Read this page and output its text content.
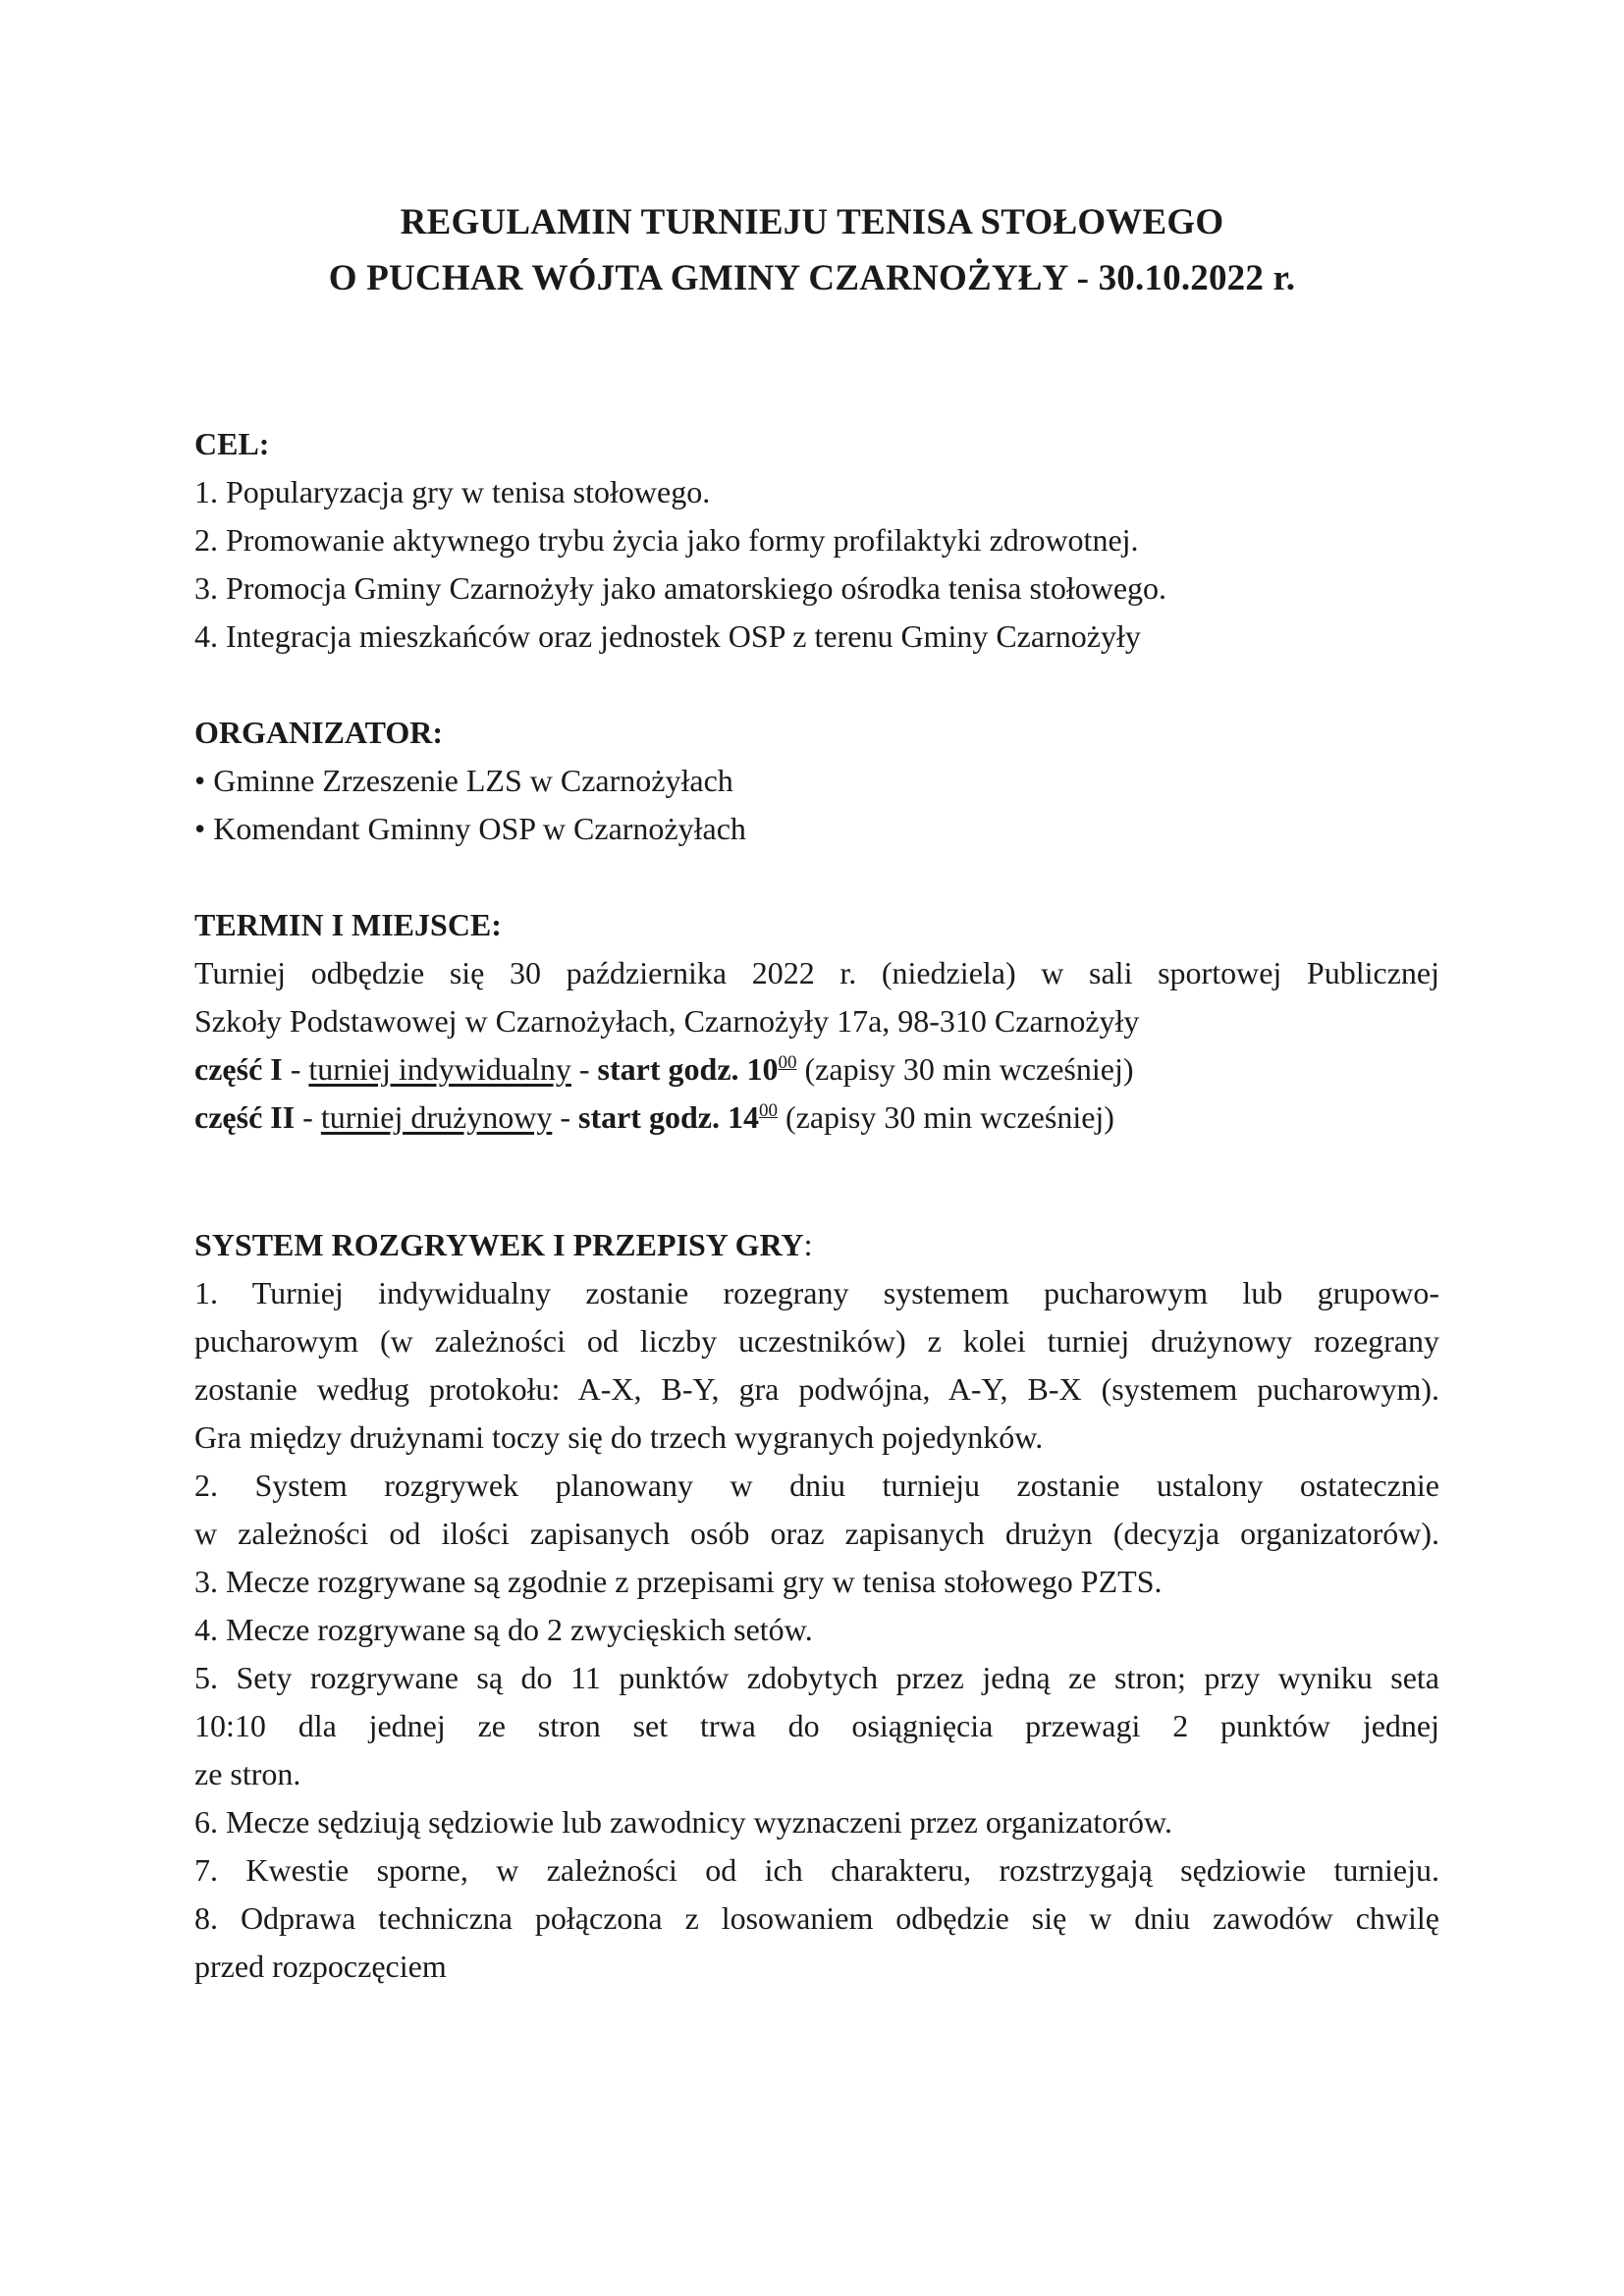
REGULAMIN TURNIEJU TENISA STOŁOWEGO
O PUCHAR WÓJTA GMINY CZARNOŻYŁY - 30.10.2022 r.
CEL:
1. Popularyzacja gry w tenisa stołowego.
2. Promowanie aktywnego trybu życia jako formy profilaktyki zdrowotnej.
3. Promocja Gminy Czarnożyły jako amatorskiego ośrodka tenisa stołowego.
4. Integracja mieszkańców oraz jednostek OSP z terenu Gminy Czarnożyły
ORGANIZATOR:
• Gminne Zrzeszenie LZS w Czarnożyłach
• Komendant Gminny OSP w Czarnożyłach
TERMIN I MIEJSCE:
Turniej odbędzie się 30 października 2022 r. (niedziela) w sali sportowej Publicznej
Szkoły Podstawowej w Czarnożyłach, Czarnożyły 17a, 98-310 Czarnożyły
część I - turniej indywidualny - start godz. $10^{00}$ (zapisy 30 min wcześniej)
część II - turniej drużynowy - start godz. $14^{00}$ (zapisy 30 min wcześniej)
SYSTEM ROZGRYWEK I PRZEPISY GRY:
1. Turniej indywidualny zostanie rozegrany systemem pucharowym lub grupowo-
pucharowym (w zależności od liczby uczestników) z kolei turniej drużynowy rozegrany
zostanie według protokołu: A-X, B-Y, gra podwójna, A-Y, B-X (systemem pucharowym).
Gra między drużynami toczy się do trzech wygranych pojedynków.
2. System rozgrywek planowany w dniu turnieju zostanie ustalony ostatecznie
w zależności od ilości zapisanych osób oraz zapisanych drużyn (decyzja organizatorów).
3. Mecze rozgrywane są zgodnie z przepisami gry w tenisa stołowego PZTS.
4. Mecze rozgrywane są do 2 zwycięskich setów.
5. Sety rozgrywane są do 11 punktów zdobytych przez jedną ze stron; przy wyniku seta
10:10 dla jednej ze stron set trwa do osiągnięcia przewagi 2 punktów jednej
ze stron.
6. Mecze sędziują sędziowie lub zawodnicy wyznaczeni przez organizatorów.
7. Kwestie sporne, w zależności od ich charakteru, rozstrzygają sędziowie turnieju.
8. Odprawa techniczna połączona z losowaniem odbędzie się w dniu zawodów chwilę
przed rozpoczęciem
